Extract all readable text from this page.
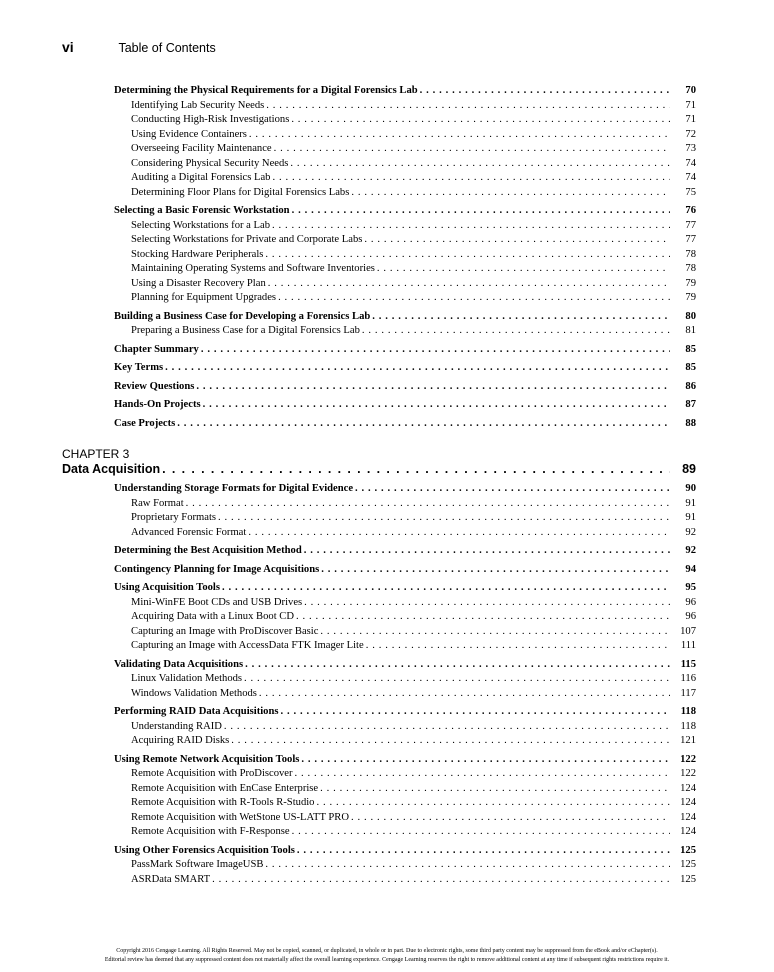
vi	Table of Contents
Determining the Physical Requirements for a Digital Forensics Lab . . .	70
Identifying Lab Security Needs . . .	71
Conducting High-Risk Investigations . . .	71
Using Evidence Containers . . .	72
Overseeing Facility Maintenance . . .	73
Considering Physical Security Needs . . .	74
Auditing a Digital Forensics Lab . . .	74
Determining Floor Plans for Digital Forensics Labs . . .	75
Selecting a Basic Forensic Workstation . . .	76
Selecting Workstations for a Lab . . .	77
Selecting Workstations for Private and Corporate Labs . . .	77
Stocking Hardware Peripherals . . .	78
Maintaining Operating Systems and Software Inventories . . .	78
Using a Disaster Recovery Plan . . .	79
Planning for Equipment Upgrades . . .	79
Building a Business Case for Developing a Forensics Lab . . .	80
Preparing a Business Case for a Digital Forensics Lab . . .	81
Chapter Summary . . .	85
Key Terms . . .	85
Review Questions . . .	86
Hands-On Projects . . .	87
Case Projects . . .	88
CHAPTER 3
Data Acquisition . . .	89
Understanding Storage Formats for Digital Evidence . . .	90
Raw Format . . .	91
Proprietary Formats . . .	91
Advanced Forensic Format . . .	92
Determining the Best Acquisition Method . . .	92
Contingency Planning for Image Acquisitions . . .	94
Using Acquisition Tools . . .	95
Mini-WinFE Boot CDs and USB Drives . . .	96
Acquiring Data with a Linux Boot CD . . .	96
Capturing an Image with ProDiscover Basic . . .	107
Capturing an Image with AccessData FTK Imager Lite . . .	111
Validating Data Acquisitions . . .	115
Linux Validation Methods . . .	116
Windows Validation Methods . . .	117
Performing RAID Data Acquisitions . . .	118
Understanding RAID . . .	118
Acquiring RAID Disks . . .	121
Using Remote Network Acquisition Tools . . .	122
Remote Acquisition with ProDiscover . . .	122
Remote Acquisition with EnCase Enterprise . . .	124
Remote Acquisition with R-Tools R-Studio . . .	124
Remote Acquisition with WetStone US-LATT PRO . . .	124
Remote Acquisition with F-Response . . .	124
Using Other Forensics Acquisition Tools . . .	125
PassMark Software ImageUSB . . .	125
ASRData SMART . . .	125
Copyright 2016 Cengage Learning. All Rights Reserved. May not be copied, scanned, or duplicated, in whole or in part. Due to electronic rights, some third party content may be suppressed from the eBook and/or eChapter(s).
Editorial review has deemed that any suppressed content does not materially affect the overall learning experience. Cengage Learning reserves the right to remove additional content at any time if subsequent rights restrictions require it.
